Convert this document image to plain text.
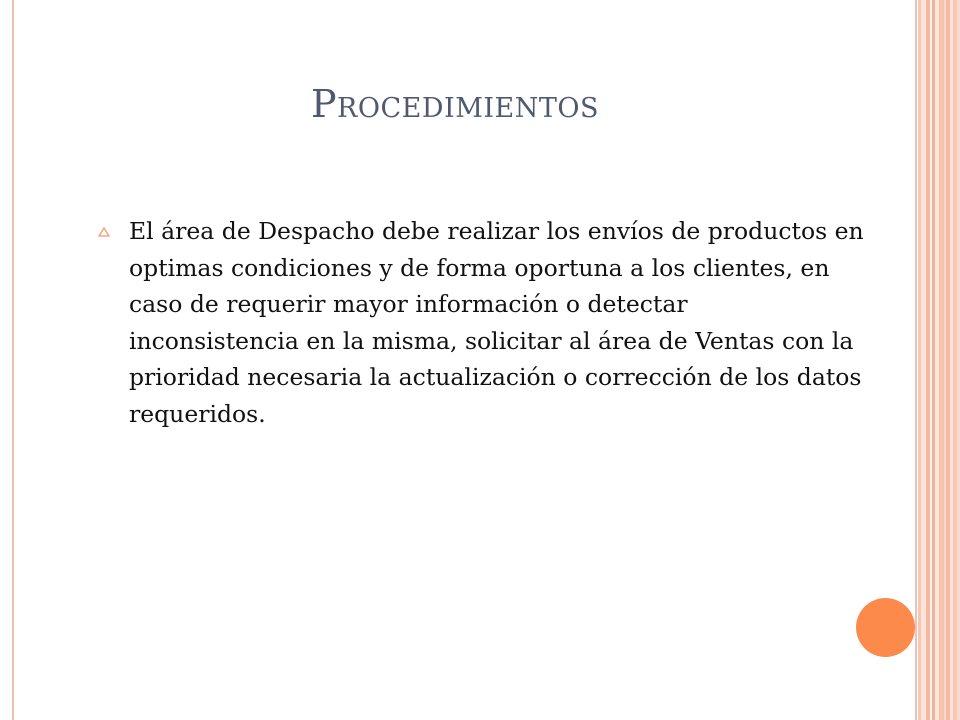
Procedimientos

El área de Despacho debe realizar los envíos de productos en optimas condiciones y de forma oportuna a los clientes, en caso de requerir mayor información o detectar inconsistencia en la misma, solicitar al área de Ventas con la prioridad necesaria la actualización o corrección de los datos requeridos.
